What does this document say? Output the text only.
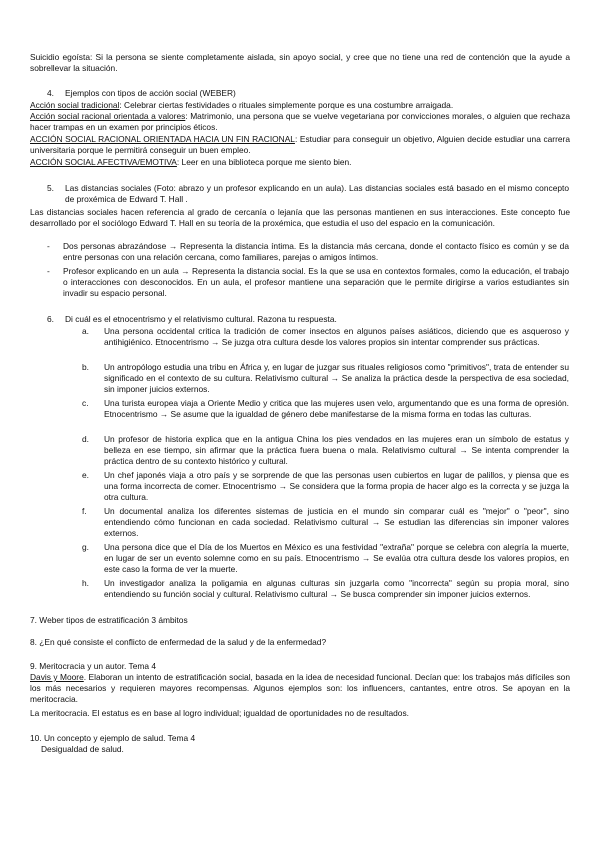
Suicidio egoísta: Si la persona se siente completamente aislada, sin apoyo social, y cree que no tiene una red de contención que la ayude a sobrellevar la situación.
4. Ejemplos con tipos de acción social (WEBER)
Acción social tradicional: Celebrar ciertas festividades o rituales simplemente porque es una costumbre arraigada.
Acción social racional orientada a valores: Matrimonio, una persona que se vuelve vegetariana por convicciones morales, o alguien que rechaza hacer trampas en un examen por principios éticos.
ACCIÓN SOCIAL RACIONAL ORIENTADA HACIA UN FIN RACIONAL: Estudiar para conseguir un objetivo, Alguien decide estudiar una carrera universitaria porque le permitirá conseguir un buen empleo.
ACCIÓN SOCIAL AFECTIVA/EMOTIVA: Leer en una biblioteca porque me siento bien.
5.	Las distancias sociales (Foto: abrazo y un profesor explicando en un aula). Las distancias sociales está basado en el mismo concepto de proxémica de Edward T. Hall .
Las distancias sociales hacen referencia al grado de cercanía o lejanía que las personas mantienen en sus interacciones. Este concepto fue desarrollado por el sociólogo Edward T. Hall en su teoría de la proxémica, que estudia el uso del espacio en la comunicación.
-	Dos personas abrazándose → Representa la distancia íntima. Es la distancia más cercana, donde el contacto físico es común y se da entre personas con una relación cercana, como familiares, parejas o amigos íntimos.
-	Profesor explicando en un aula → Representa la distancia social. Es la que se usa en contextos formales, como la educación, el trabajo o interacciones con desconocidos. En un aula, el profesor mantiene una separación que le permite dirigirse a varios estudiantes sin invadir su espacio personal.
6. Di cuál es el etnocentrismo y el relativismo cultural. Razona tu respuesta.
a.	Una persona occidental critica la tradición de comer insectos en algunos países asiáticos, diciendo que es asqueroso y antihigiénico. Etnocentrismo → Se juzga otra cultura desde los valores propios sin intentar comprender sus prácticas.
b.	Un antropólogo estudia una tribu en África y, en lugar de juzgar sus rituales religiosos como "primitivos", trata de entender su significado en el contexto de su cultura. Relativismo cultural → Se analiza la práctica desde la perspectiva de esa sociedad, sin imponer juicios externos.
c.	Una turista europea viaja a Oriente Medio y critica que las mujeres usen velo, argumentando que es una forma de opresión. Etnocentrismo → Se asume que la igualdad de género debe manifestarse de la misma forma en todas las culturas.
d.	Un profesor de historia explica que en la antigua China los pies vendados en las mujeres eran un símbolo de estatus y belleza en ese tiempo, sin afirmar que la práctica fuera buena o mala. Relativismo cultural → Se intenta comprender la práctica dentro de su contexto histórico y cultural.
e.	Un chef japonés viaja a otro país y se sorprende de que las personas usen cubiertos en lugar de palillos, y piensa que es una forma incorrecta de comer. Etnocentrismo → Se considera que la forma propia de hacer algo es la correcta y se juzga la otra cultura.
f.	Un documental analiza los diferentes sistemas de justicia en el mundo sin comparar cuál es "mejor" o "peor", sino entendiendo cómo funcionan en cada sociedad. Relativismo cultural → Se estudian las diferencias sin imponer valores externos.
g.	Una persona dice que el Día de los Muertos en México es una festividad "extraña" porque se celebra con alegría la muerte, en lugar de ser un evento solemne como en su país. Etnocentrismo → Se evalúa otra cultura desde los valores propios, en este caso la forma de ver la muerte.
h.	Un investigador analiza la poligamia en algunas culturas sin juzgarla como "incorrecta" según su propia moral, sino entendiendo su función social y cultural. Relativismo cultural → Se busca comprender sin imponer juicios externos.
7. Weber tipos de estratificación 3 ámbitos
8. ¿En qué consiste el conflicto de enfermedad de la salud y de la enfermedad?
9. Meritocracia y un autor. Tema 4
Davis y Moore. Elaboran un intento de estratificación social, basada en la idea de necesidad funcional. Decían que: los trabajos más difíciles son los más necesarios y requieren mayores recompensas. Algunos ejemplos son: los influencers, cantantes, entre otros. Se apoyan en la meritocracia.
La meritocracia. El estatus es en base al logro individual; igualdad de oportunidades no de resultados.
10. Un concepto y ejemplo de salud. Tema 4
Desigualdad de salud.
